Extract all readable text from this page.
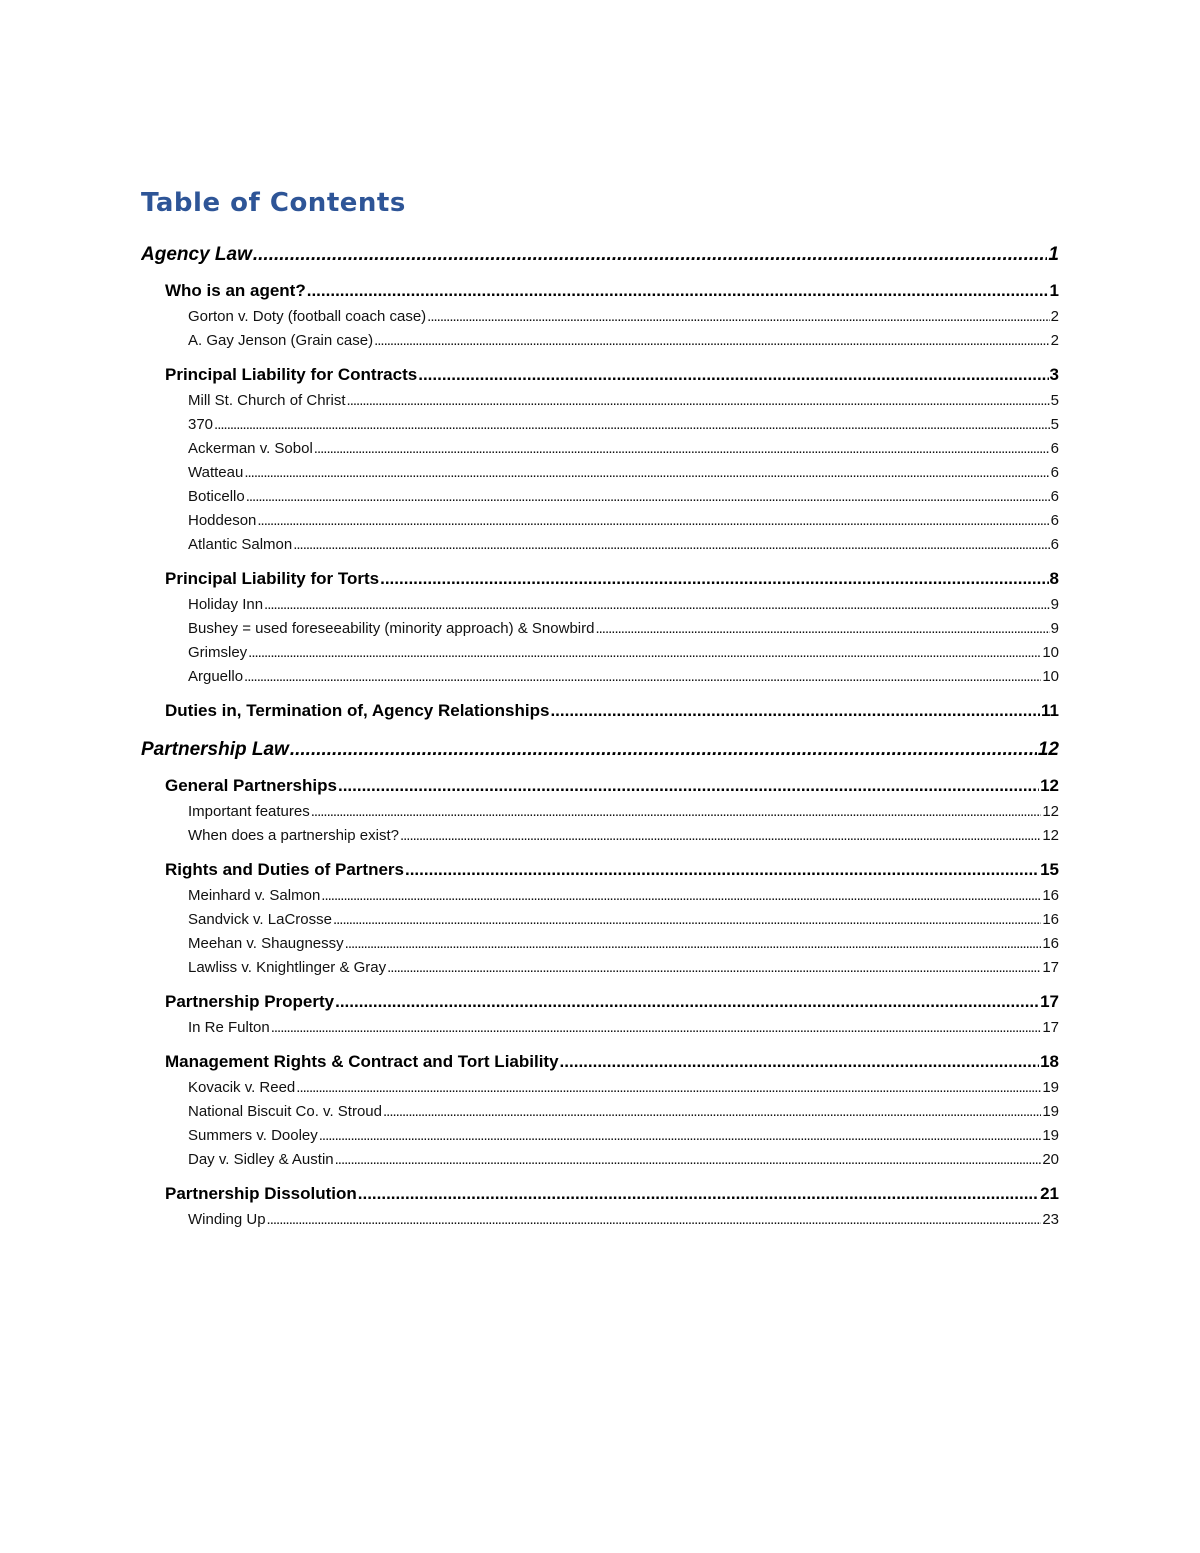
Table of Contents
Agency Law .....	1
Who is an agent? .....	1
Gorton v. Doty (football coach case) .....	2
A. Gay Jenson (Grain case) .....	2
Principal Liability for Contracts .....	3
Mill St. Church of Christ .....	5
370 .....	5
Ackerman v. Sobol .....	6
Watteau .....	6
Boticello .....	6
Hoddeson .....	6
Atlantic Salmon .....	6
Principal Liability for Torts .....	8
Holiday Inn .....	9
Bushey = used foreseeability (minority approach) & Snowbird .....	9
Grimsley .....	10
Arguello .....	10
Duties in, Termination of, Agency Relationships .....	11
Partnership Law .....	12
General Partnerships .....	12
Important features .....	12
When does a partnership exist? .....	12
Rights and Duties of Partners .....	15
Meinhard v. Salmon .....	16
Sandvick v. LaCrosse .....	16
Meehan v. Shaugnessy .....	16
Lawliss v. Knightlinger & Gray .....	17
Partnership Property .....	17
In Re Fulton .....	17
Management Rights & Contract and Tort Liability .....	18
Kovacik v. Reed .....	19
National Biscuit Co. v. Stroud .....	19
Summers v. Dooley .....	19
Day v. Sidley & Austin .....	20
Partnership Dissolution .....	21
Winding Up .....	23
